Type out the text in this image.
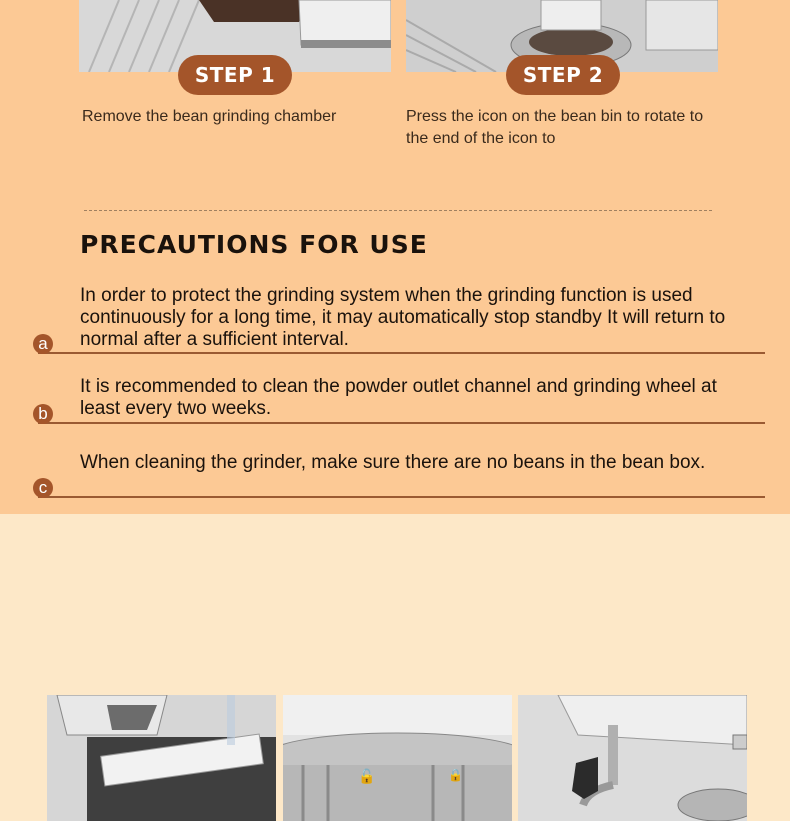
STEP 1
Remove the bean grinding chamber
STEP 2
Press the icon on the bean bin to rotate to the end of the icon to
PRECAUTIONS FOR USE
In order to protect the grinding system when the grinding function is used continuously for a long time, it may automatically stop standby It will return to normal after a sufficient interval.
a
It is recommended to clean the powder outlet channel and grinding wheel at least every two weeks.
b
When cleaning the grinder, make sure there are no beans in the bean box.
c
🔓	🔒
